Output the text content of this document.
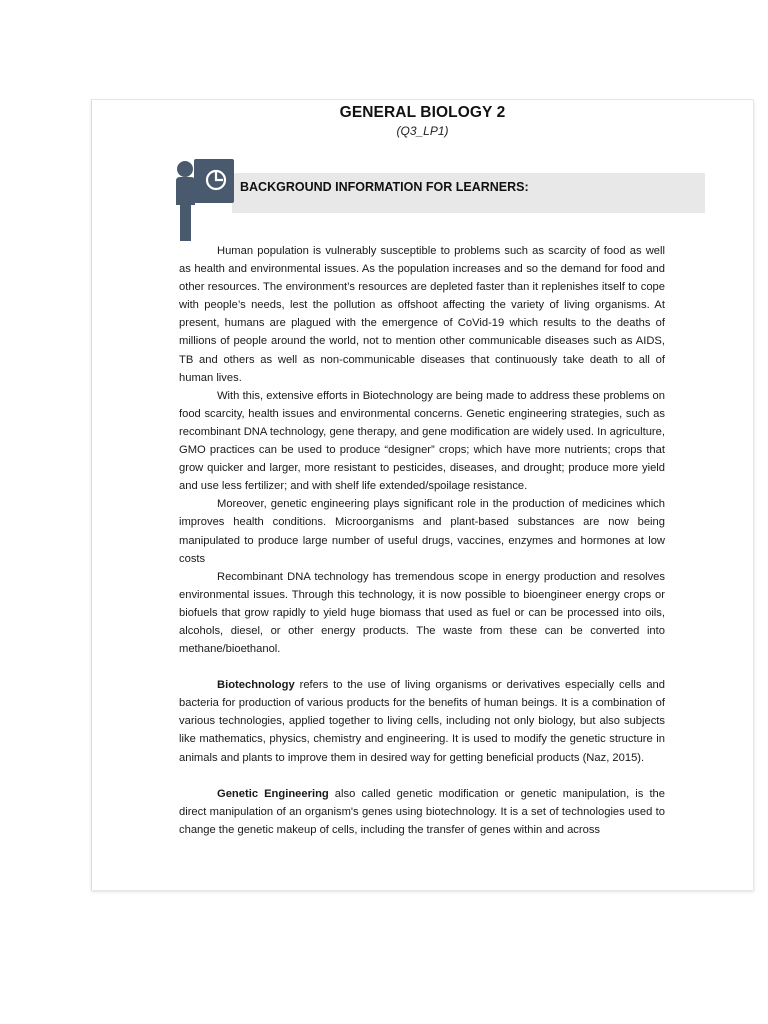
GENERAL BIOLOGY 2
(Q3_LP1)
BACKGROUND INFORMATION FOR LEARNERS:

Human population is vulnerably susceptible to problems such as scarcity of food as well as health and environmental issues. As the population increases and so the demand for food and other resources. The environment’s resources are depleted faster than it replenishes itself to cope with people’s needs, lest the pollution as offshoot affecting the variety of living organisms. At present, humans are plagued with the emergence of CoVid-19 which results to the deaths of millions of people around the world, not to mention other communicable diseases such as AIDS, TB and others as well as non-communicable diseases that continuously take death to all of human lives.

With this, extensive efforts in Biotechnology are being made to address these problems on food scarcity, health issues and environmental concerns. Genetic engineering strategies, such as recombinant DNA technology, gene therapy, and gene modification are widely used. In agriculture, GMO practices can be used to produce “designer” crops; which have more nutrients; crops that grow quicker and larger, more resistant to pesticides, diseases, and drought; produce more yield and use less fertilizer; and with shelf life extended/spoilage resistance.

Moreover, genetic engineering plays significant role in the production of medicines which improves health conditions. Microorganisms and plant-based substances are now being manipulated to produce large number of useful drugs, vaccines, enzymes and hormones at low costs

Recombinant DNA technology has tremendous scope in energy production and resolves environmental issues. Through this technology, it is now possible to bioengineer energy crops or biofuels that grow rapidly to yield huge biomass that used as fuel or can be processed into oils, alcohols, diesel, or other energy products. The waste from these can be converted into methane/bioethanol.

Biotechnology refers to the use of living organisms or derivatives especially cells and bacteria for production of various products for the benefits of human beings. It is a combination of various technologies, applied together to living cells, including not only biology, but also subjects like mathematics, physics, chemistry and engineering. It is used to modify the genetic structure in animals and plants to improve them in desired way for getting beneficial products (Naz, 2015).

Genetic Engineering also called genetic modification or genetic manipulation, is the direct manipulation of an organism's genes using biotechnology. It is a set of technologies used to change the genetic makeup of cells, including the transfer of genes within and across
